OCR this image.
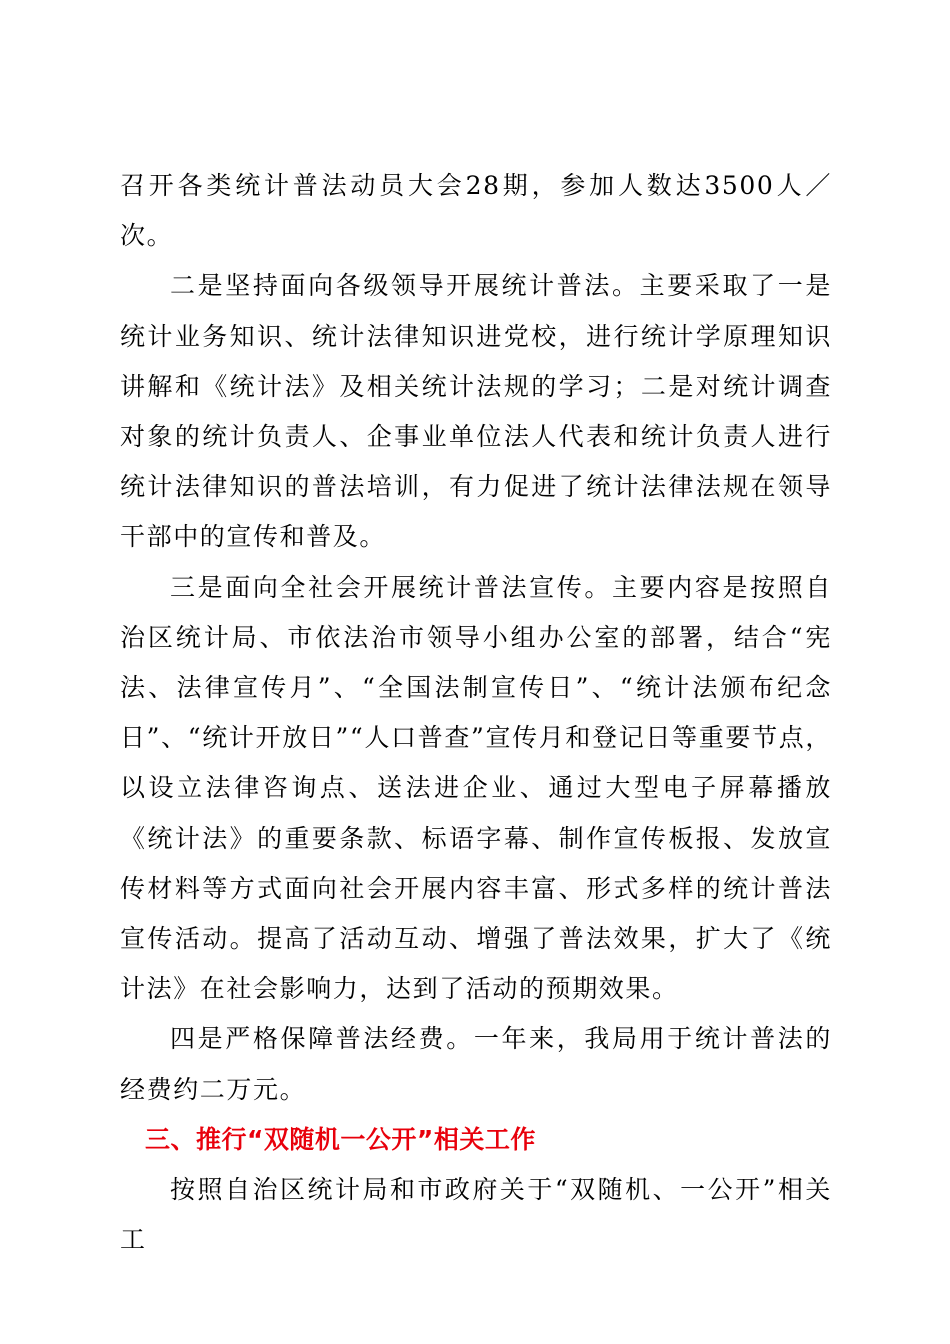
召开各类统计普法动员大会28期，参加人数达3500人／次。

二是坚持面向各级领导开展统计普法。主要采取了一是统计业务知识、统计法律知识进党校，进行统计学原理知识讲解和《统计法》及相关统计法规的学习；二是对统计调查对象的统计负责人、企事业单位法人代表和统计负责人进行统计法律知识的普法培训，有力促进了统计法律法规在领导干部中的宣传和普及。

三是面向全社会开展统计普法宣传。主要内容是按照自治区统计局、市依法治市领导小组办公室的部署，结合“宪法、法律宣传月”、“全国法制宣传日”、“统计法颁布纪念日”、“统计开放日”“人口普查”宣传月和登记日等重要节点，以设立法律咨询点、送法进企业、通过大型电子屏幕播放《统计法》的重要条款、标语字幕、制作宣传板报、发放宣传材料等方式面向社会开展内容丰富、形式多样的统计普法宣传活动。提高了活动互动、增强了普法效果，扩大了《统计法》在社会影响力，达到了活动的预期效果。

四是严格保障普法经费。一年来，我局用于统计普法的经费约二万元。

三、推行“双随机一公开”相关工作

按照自治区统计局和市政府关于“双随机、一公开”相关工
